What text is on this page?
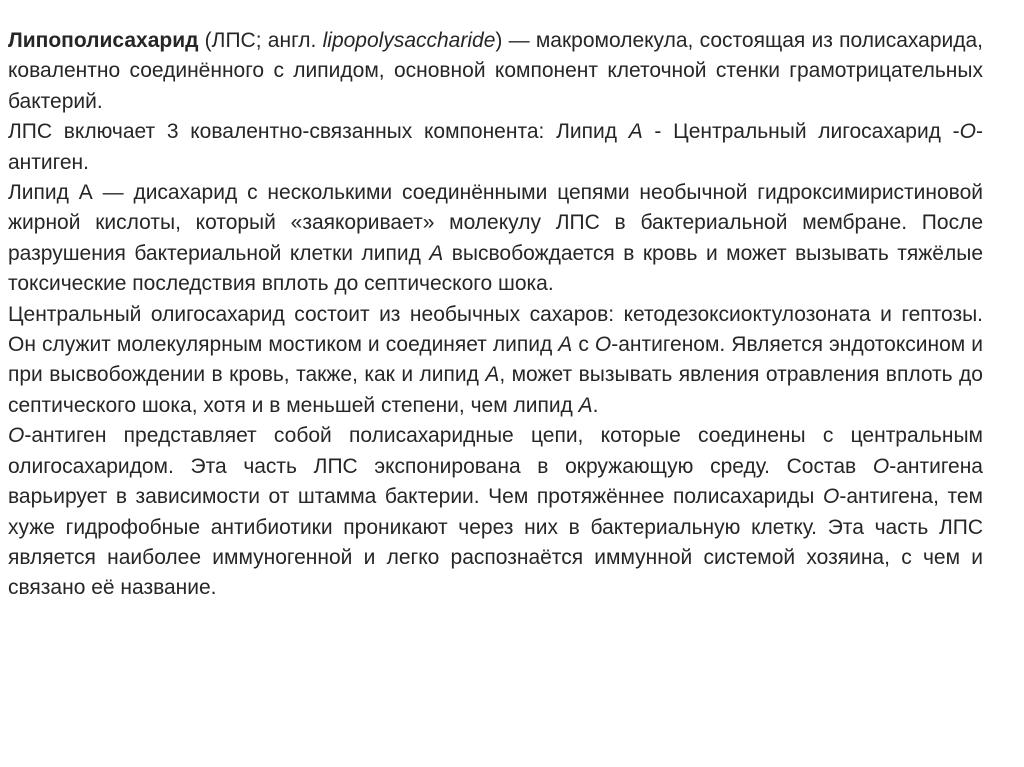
Липополисахарид (ЛПС; англ. lipopolysaccharide) — макромолекула, состоящая из полисахарида, ковалентно соединённого с липидом, основной компонент клеточной стенки грамотрицательных бактерий.

ЛПС включает 3 ковалентно-связанных компонента: Липид А - Центральный лигосахарид -О-антиген.

Липид А — дисахарид с несколькими соединёнными цепями необычной гидроксимиристиновой жирной кислоты, который «заякоривает» молекулу ЛПС в бактериальной мембране. После разрушения бактериальной клетки липид А высвобождается в кровь и может вызывать тяжёлые токсические последствия вплоть до септического шока.

Центральный олигосахарид состоит из необычных сахаров: кетодезоксиоктулозоната и гептозы. Он служит молекулярным мостиком и соединяет липид А с О-антигеном. Является эндотоксином и при высвобождении в кровь, также, как и липид А, может вызывать явления отравления вплоть до септического шока, хотя и в меньшей степени, чем липид А.

О-антиген представляет собой полисахаридные цепи, которые соединены с центральным олигосахаридом. Эта часть ЛПС экспонирована в окружающую среду. Состав О-антигена варьирует в зависимости от штамма бактерии. Чем протяжённее полисахариды О-антигена, тем хуже гидрофобные антибиотики проникают через них в бактериальную клетку. Эта часть ЛПС является наиболее иммуногенной и легко распознаётся иммунной системой хозяина, с чем и связано её название.
